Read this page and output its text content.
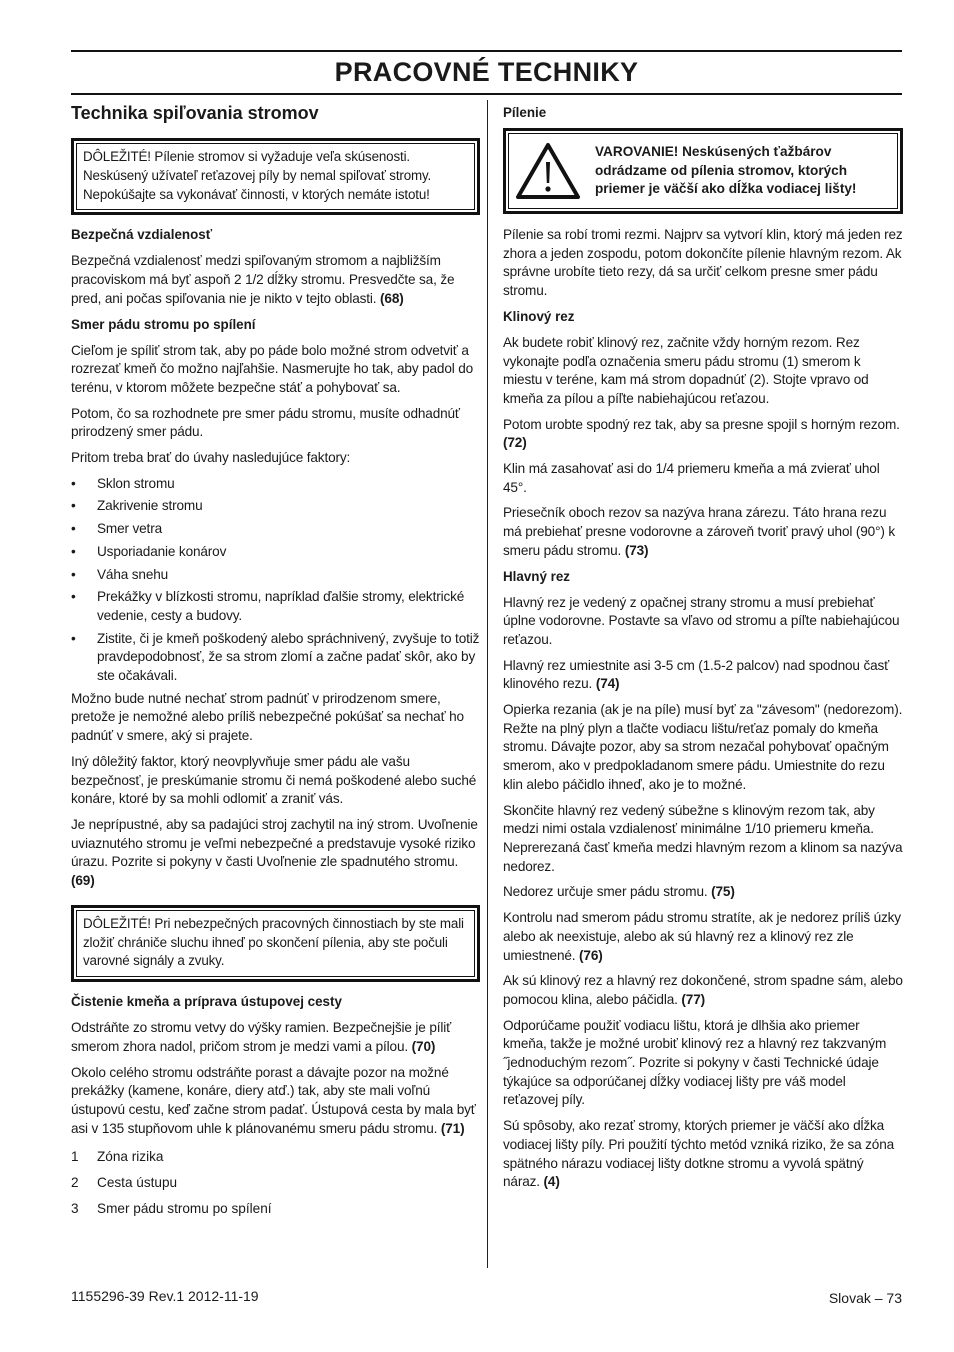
PRACOVNÉ TECHNIKY
Technika spiľovania stromov

DÔLEŽITÉ! Pílenie stromov si vyžaduje veľa skúsenosti. Neskúsený užívateľ reťazovej píly by nemal spiľovať stromy. Nepokúšajte sa vykonávať činnosti, v ktorých nemáte istotu!

Bezpečná vzdialenosť

Bezpečná vzdialenosť medzi spiľovaným stromom a najbližším pracoviskom má byť aspoň 2 1/2 dĺžky stromu. Presvedčte sa, že pred, ani počas spiľovania nie je nikto v tejto oblasti. (68)

Smer pádu stromu po spílení

Cieľom je spíliť strom tak, aby po páde bolo možné strom odvetviť a rozrezať kmeň čo možno najľahšie. Nasmerujte ho tak, aby padol do terénu, v ktorom môžete bezpečne stáť a pohybovať sa.

Potom, čo sa rozhodnete pre smer pádu stromu, musíte odhadnúť prirodzený smer pádu.

Pritom treba brať do úvahy nasledujúce faktory:

• Sklon stromu
• Zakrivenie stromu
• Smer vetra
• Usporiadanie konárov
• Váha snehu
• Prekážky v blízkosti stromu, napríklad ďalšie stromy, elektrické vedenie, cesty a budovy.
• Zistite, či je kmeň poškodený alebo spráchnivený, zvyšuje to totiž pravdepodobnosť, že sa strom zlomí a začne padať skôr, ako by ste očakávali.

Možno bude nutné nechať strom padnúť v prirodzenom smere, pretože je nemožné alebo príliš nebezpečné pokúšať sa nechať ho padnúť v smere, aký si prajete.

Iný dôležitý faktor, ktorý neovplyvňuje smer pádu ale vašu bezpečnosť, je preskúmanie stromu či nemá poškodené alebo suché konáre, ktoré by sa mohli odlomiť a zraniť vás.

Je neprípustné, aby sa padajúci stroj zachytil na iný strom. Uvoľnenie uviaznutého stromu je veľmi nebezpečné a predstavuje vysoké riziko úrazu. Pozrite si pokyny v časti Uvoľnenie zle spadnutého stromu. (69)

DÔLEŽITÉ! Pri nebezpečných pracovných činnostiach by ste mali zložiť chrániče sluchu ihneď po skončení pílenia, aby ste počuli varovné signály a zvuky.

Čistenie kmeňa a príprava ústupovej cesty

Odstráňte zo stromu vetvy do výšky ramien. Bezpečnejšie je píliť smerom zhora nadol, pričom strom je medzi vami a pílou. (70)

Okolo celého stromu odstráňte porast a dávajte pozor na možné prekážky (kamene, konáre, diery atď.) tak, aby ste mali voľnú ústupovú cestu, keď začne strom padať. Ústupová cesta by mala byť asi v 135 stupňovom uhle k plánovanému smeru pádu stromu. (71)

1 Zóna rizika
2 Cesta ústupu
3 Smer pádu stromu po spílení
Pílenie
VAROVANIE! Neskúsených ťažbárov odrádzame od pílenia stromov, ktorých priemer je väčší ako dĺžka vodiacej lišty!

Pílenie sa robí tromi rezmi. Najprv sa vytvorí klin, ktorý má jeden rez zhora a jeden zospodu, potom dokončíte pílenie hlavným rezom. Ak správne urobíte tieto rezy, dá sa určiť celkom presne smer pádu stromu.

Klinový rez

Ak budete robiť klinový rez, začnite vždy horným rezom. Rez vykonajte podľa označenia smeru pádu stromu (1) smerom k miestu v teréne, kam má strom dopadnúť (2). Stojte vpravo od kmeňa za pílou a píľte nabiehajúcou reťazou.

Potom urobte spodný rez tak, aby sa presne spojil s horným rezom. (72)

Klin má zasahovať asi do 1/4 priemeru kmeňa a má zvierať uhol 45°.

Priesečník oboch rezov sa nazýva hrana zárezu. Táto hrana rezu má prebiehať presne vodorovne a zároveň tvoriť pravý uhol (90°) k smeru pádu stromu. (73)

Hlavný rez

Hlavný rez je vedený z opačnej strany stromu a musí prebiehať úplne vodorovne. Postavte sa vľavo od stromu a píľte nabiehajúcou reťazou.

Hlavný rez umiestnite asi 3-5 cm (1.5-2 palcov) nad spodnou časť klinového rezu. (74)

Opierka rezania (ak je na píle) musí byť za "závesom" (nedorezom). Režte na plný plyn a tlačte vodiacu lištu/reťaz pomaly do kmeňa stromu. Dávajte pozor, aby sa strom nezačal pohybovať opačným smerom, ako v predpokladanom smere pádu. Umiestnite do rezu klin alebo páčidlo ihneď, ako je to možné.

Skončite hlavný rez vedený súbežne s klinovým rezom tak, aby medzi nimi ostala vzdialenosť minimálne 1/10 priemeru kmeňa. Neprerezaná časť kmeňa medzi hlavným rezom a klinom sa nazýva nedorez.

Nedorez určuje smer pádu stromu. (75)

Kontrolu nad smerom pádu stromu stratíte, ak je nedorez príliš úzky alebo ak neexistuje, alebo ak sú hlavný rez a klinový rez zle umiestnené. (76)

Ak sú klinový rez a hlavný rez dokončené, strom spadne sám, alebo pomocou klina, alebo páčidla. (77)

Odporúčame použiť vodiacu lištu, ktorá je dlhšia ako priemer kmeňa, takže je možné urobiť klinový rez a hlavný rez takzvaným ˝jednoduchým rezom˝. Pozrite si pokyny v časti Technické údaje týkajúce sa odporúčanej dĺžky vodiacej lišty pre váš model reťazovej píly.

Sú spôsoby, ako rezať stromy, ktorých priemer je väčší ako dĺžka vodiacej lišty píly. Pri použití týchto metód vzniká riziko, že sa zóna spätného nárazu vodiacej lišty dotkne stromu a vyvolá spätný náraz. (4)

1155296-39 Rev.1 2012-11-19	Slovak – 73
